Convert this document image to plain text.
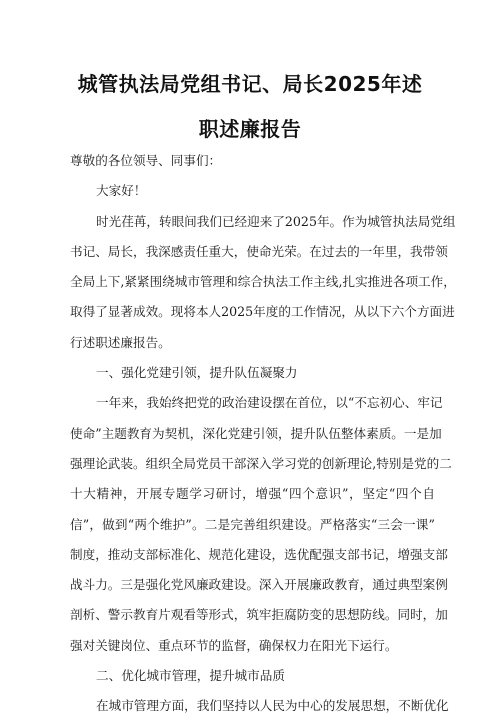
城管执法局党组书记、局长2025年述
职述廉报告
尊敬的各位领导、同事们：
大家好！
时光荏苒，转眼间我们已经迎来了2025年。作为城管执法局党组
书记、局长，我深感责任重大，使命光荣。在过去的一年里，我带领
全局上下,紧紧围绕城市管理和综合执法工作主线,扎实推进各项工作，
取得了显著成效。现将本人2025年度的工作情况，从以下六个方面进
行述职述廉报告。
一、强化党建引领，提升队伍凝聚力
一年来，我始终把党的政治建设摆在首位，以“不忘初心、牢记
使命”主题教育为契机，深化党建引领，提升队伍整体素质。一是加
强理论武装。组织全局党员干部深入学习党的创新理论,特别是党的二
十大精神，开展专题学习研讨，增强“四个意识”，坚定“四个自
信”，做到“两个维护”。二是完善组织建设。严格落实“三会一课”
制度，推动支部标准化、规范化建设，选优配强支部书记，增强支部
战斗力。三是强化党风廉政建设。深入开展廉政教育，通过典型案例
剖析、警示教育片观看等形式，筑牢拒腐防变的思想防线。同时，加
强对关键岗位、重点环节的监督，确保权力在阳光下运行。
二、优化城市管理，提升城市品质
在城市管理方面，我们坚持以人民为中心的发展思想，不断优化
